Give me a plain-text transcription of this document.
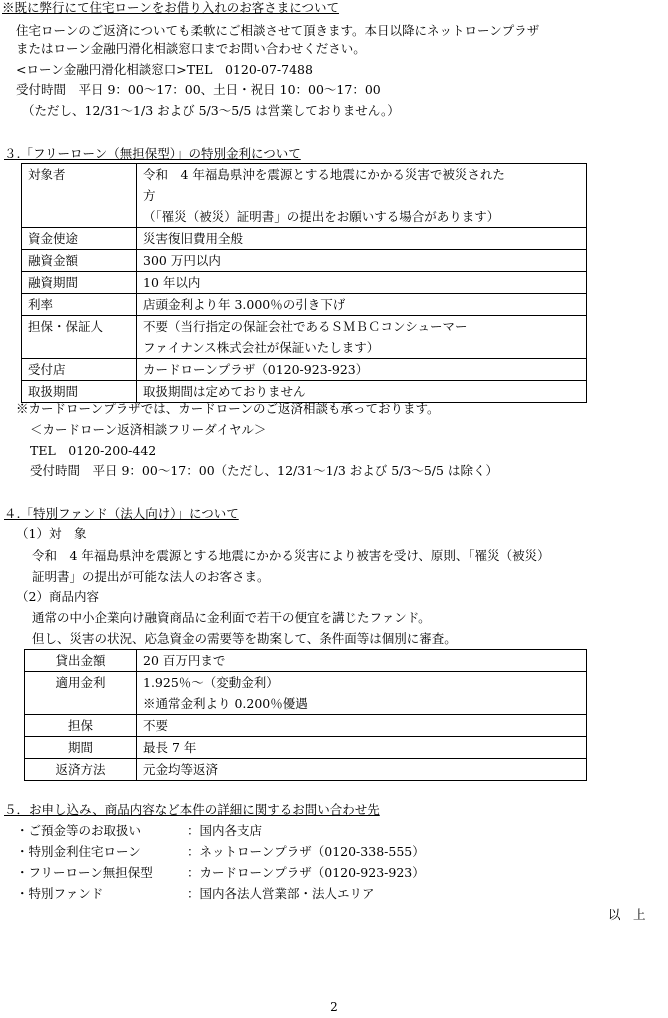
※既に弊行にて住宅ローンをお借り入れのお客さまについて
住宅ローンのご返済についても柔軟にご相談させて頂きます。本日以降にネットローンプラザ
またはローン金融円滑化相談窓口までお問い合わせください。
<ローン金融円滑化相談窓口>TEL　0120-07-7488
受付時間　平日 9：00～17：00、土日・祝日 10：00～17：00
（ただし、12/31～1/3 および 5/3～5/5 は営業しておりません。）
３.「フリーローン（無担保型）」の特別金利について
対象者	令和　4 年福島県沖を震源とする地震にかかる災害で被災された
方
（「罹災（被災）証明書」の提出をお願いする場合があります）

資金使途	災害復旧費用全般
融資金額	300 万円以内
融資期間	10 年以内
利率	店頭金利より年 3.000％の引き下げ
担保・保証人	不要（当行指定の保証会社であるＳＭＢＣコンシューマー
ファイナンス株式会社が保証いたします）

受付店	カードローンプラザ（0120-923-923）
取扱期間	取扱期間は定めておりません
※カードローンプラザでは、カードローンのご返済相談も承っております。
＜カードローン返済相談フリーダイヤル＞
TEL　0120-200-442
受付時間　平日 9：00～17：00（ただし、12/31～1/3 および 5/3～5/5 は除く）
４.「特別ファンド（法人向け）」について
（1）対　象
令和　4 年福島県沖を震源とする地震にかかる災害により被害を受け、原則、「罹災（被災）
証明書」の提出が可能な法人のお客さま。
（2）商品内容
通常の中小企業向け融資商品に金利面で若干の便宜を講じたファンド。
但し、災害の状況、応急資金の需要等を勘案して、条件面等は個別に審査。
貸出金額	20 百万円まで
適用金利	1.925％～（変動金利）
※通常金利より 0.200％優遇

担保	不要
期間	最長 7 年
返済方法	元金均等返済
５．お申し込み、商品内容など本件の詳細に関するお問い合わせ先
・ご預金等のお取扱い	：国内各支店
・特別金利住宅ローン	：ネットローンプラザ（0120-338-555）
・フリーローン無担保型	：カードローンプラザ（0120-923-923）
・特別ファンド	：国内各法人営業部・法人エリア
以　上
2
